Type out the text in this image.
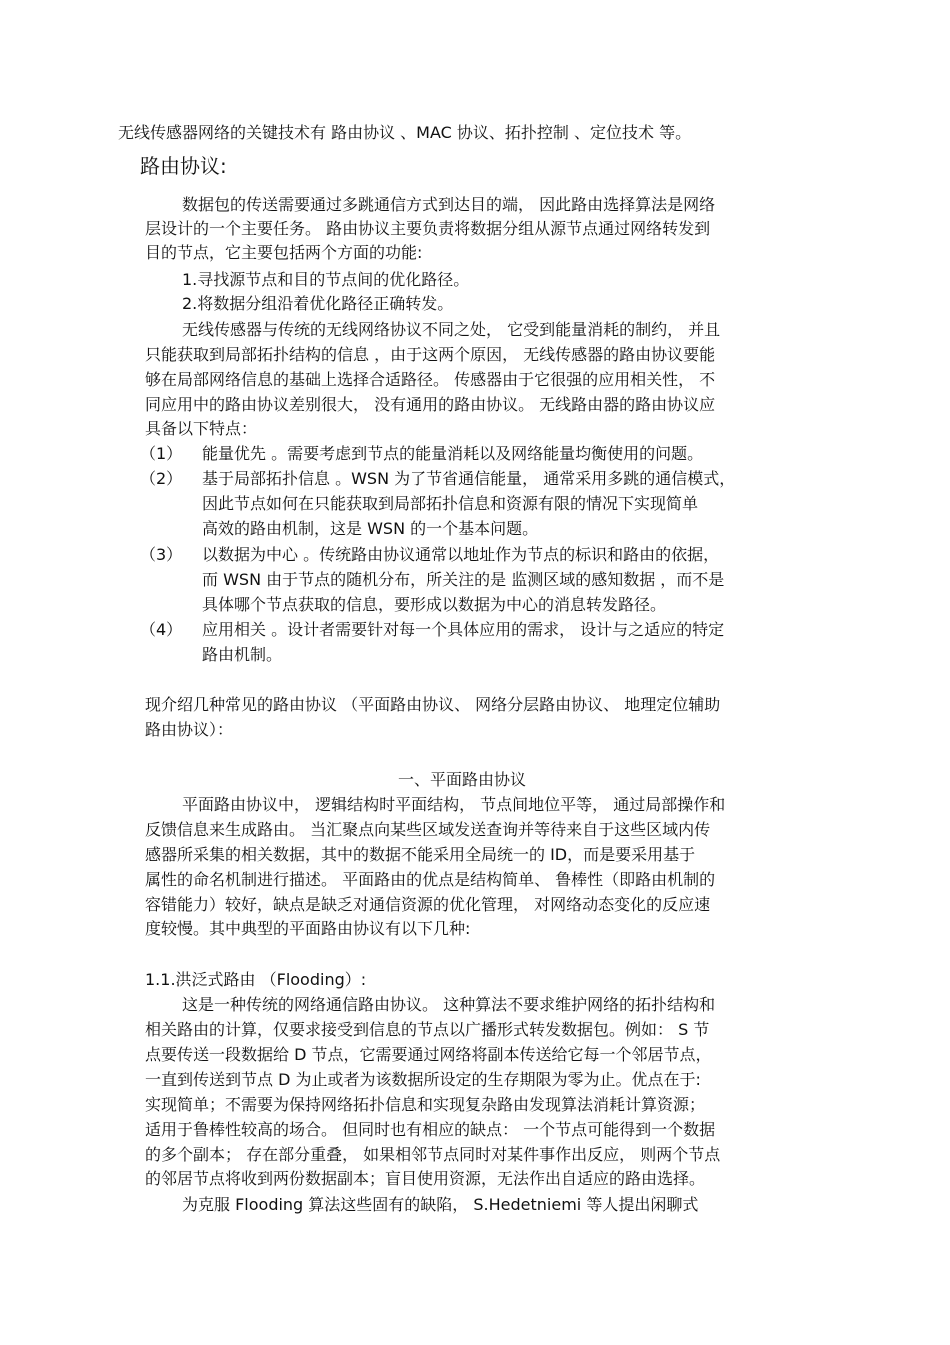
无线传感器网络的关键技术有 路由协议 、MAC 协议、拓扑控制 、定位技术 等。
路由协议:
数据包的传送需要通过多跳通信方式到达目的端， 因此路由选择算法是网络
层设计的一个主要任务。 路由协议主要负责将数据分组从源节点通过网络转发到
目的节点，它主要包括两个方面的功能:
1.寻找源节点和目的节点间的优化路径。
2.将数据分组沿着优化路径正确转发。
无线传感器与传统的无线网络协议不同之处， 它受到能量消耗的制约， 并且
只能获取到局部拓扑结构的信息 ，由于这两个原因， 无线传感器的路由协议要能
够在局部网络信息的基础上选择合适路径。 传感器由于它很强的应用相关性， 不
同应用中的路由协议差别很大， 没有通用的路由协议。 无线路由器的路由协议应
具备以下特点：
（1） 能量优先 。需要考虑到节点的能量消耗以及网络能量均衡使用的问题。
（2） 基于局部拓扑信息 。WSN 为了节省通信能量， 通常采用多跳的通信模式，
因此节点如何在只能获取到局部拓扑信息和资源有限的情况下实现简单
高效的路由机制，这是 WSN 的一个基本问题。
（3） 以数据为中心 。传统路由协议通常以地址作为节点的标识和路由的依据，
而 WSN 由于节点的随机分布，所关注的是 监测区域的感知数据 ，而不是
具体哪个节点获取的信息，要形成以数据为中心的消息转发路径。
（4） 应用相关 。设计者需要针对每一个具体应用的需求， 设计与之适应的特定
路由机制。
现介绍几种常见的路由协议 （平面路由协议、 网络分层路由协议、 地理定位辅助
路由协议）：
一、平面路由协议
平面路由协议中， 逻辑结构时平面结构， 节点间地位平等， 通过局部操作和
反馈信息来生成路由。 当汇聚点向某些区域发送查询并等待来自于这些区域内传
感器所采集的相关数据，其中的数据不能采用全局统一的 ID，而是要采用基于
属性的命名机制进行描述。 平面路由的优点是结构简单、 鲁棒性（即路由机制的
容错能力）较好，缺点是缺乏对通信资源的优化管理， 对网络动态变化的反应速
度较慢。其中典型的平面路由协议有以下几种:
1.1.洪泛式路由 （Flooding）:
这是一种传统的网络通信路由协议。 这种算法不要求维护网络的拓扑结构和
相关路由的计算，仅要求接受到信息的节点以广播形式转发数据包。例如： S 节
点要传送一段数据给 D 节点，它需要通过网络将副本传送给它每一个邻居节点，
一直到传送到节点 D 为止或者为该数据所设定的生存期限为零为止。优点在于:
实现简单；不需要为保持网络拓扑信息和实现复杂路由发现算法消耗计算资源；
适用于鲁棒性较高的场合。 但同时也有相应的缺点： 一个节点可能得到一个数据
的多个副本； 存在部分重叠， 如果相邻节点同时对某件事作出反应， 则两个节点
的邻居节点将收到两份数据副本；盲目使用资源，无法作出自适应的路由选择。
为克服 Flooding 算法这些固有的缺陷， S.Hedetniemi 等人提出闲聊式
